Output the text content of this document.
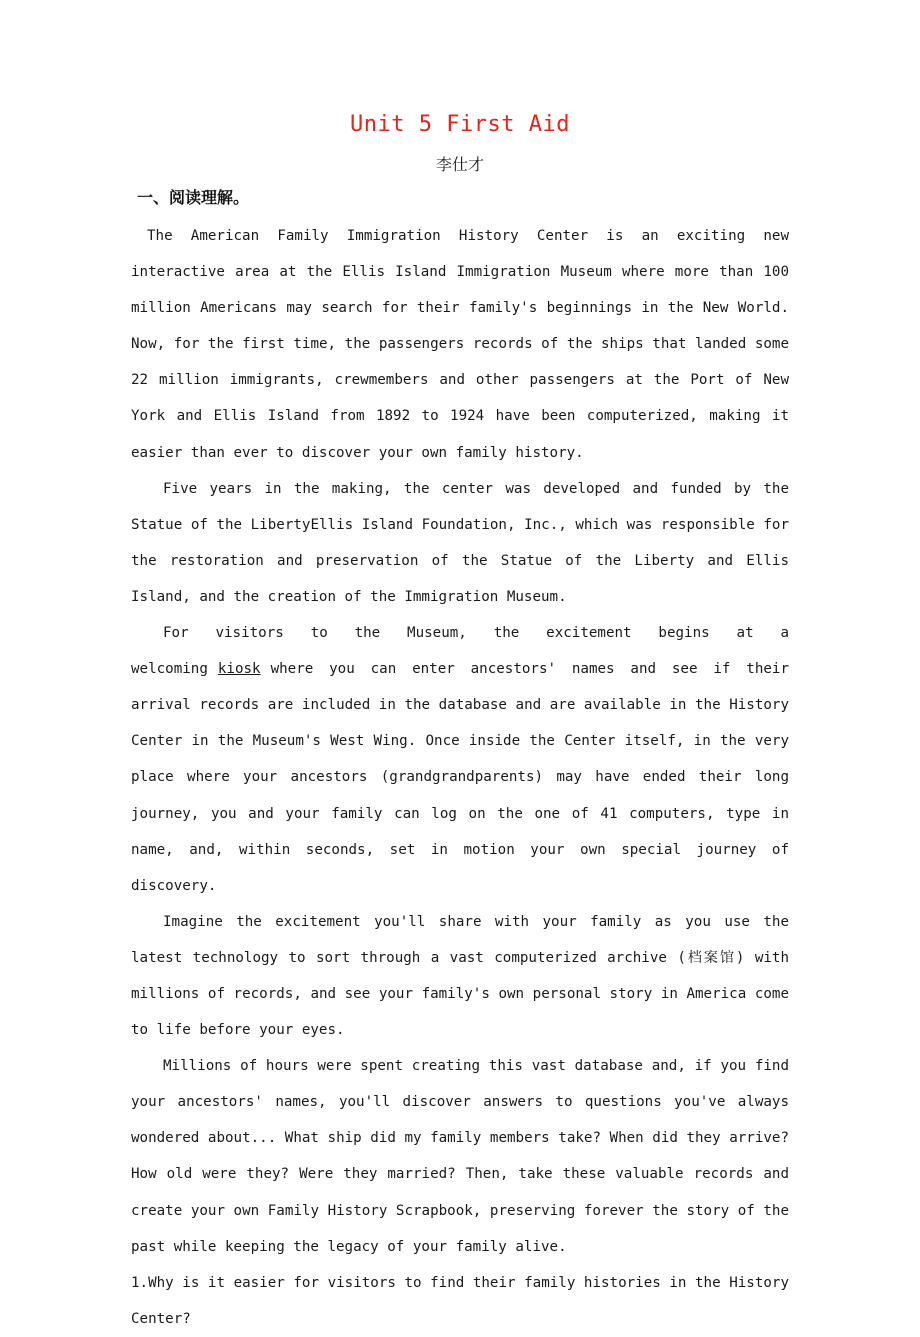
Unit 5 First Aid
李仕才
一、阅读理解。

The American Family Immigration History Center is an exciting new interactive area at the Ellis Island Immigration Museum where more than 100 million Americans may search for their family's beginnings in the New World. Now, for the first time, the passengers records of the ships that landed some 22 million immigrants, crewmembers and other passengers at the Port of New York and Ellis Island from 1892 to 1924 have been computerized, making it easier than ever to discover your own family history.

Five years in the making, the center was developed and funded by the Statue of the LibertyEllis Island Foundation, Inc., which was responsible for the restoration and preservation of the Statue of the Liberty and Ellis Island, and the creation of the Immigration Museum.

For visitors to the Museum, the excitement begins at a welcoming kiosk where you can enter ancestors' names and see if their arrival records are included in the database and are available in the History Center in the Museum's West Wing. Once inside the Center itself, in the very place where your ancestors (grandgrandparents) may have ended their long journey, you and your family can log on the one of 41 computers, type in name, and, within seconds, set in motion your own special journey of discovery.

Imagine the excitement you'll share with your family as you use the latest technology to sort through a vast computerized archive (档案馆) with millions of records, and see your family's own personal story in America come to life before your eyes.

Millions of hours were spent creating this vast database and, if you find your ancestors' names, you'll discover answers to questions you've always wondered about... What ship did my family members take? When did they arrive? How old were they? Were they married? Then, take these valuable records and create your own Family History Scrapbook, preserving forever the story of the past while keeping the legacy of your family alive.

1.Why is it easier for visitors to find their family histories in the History Center?
